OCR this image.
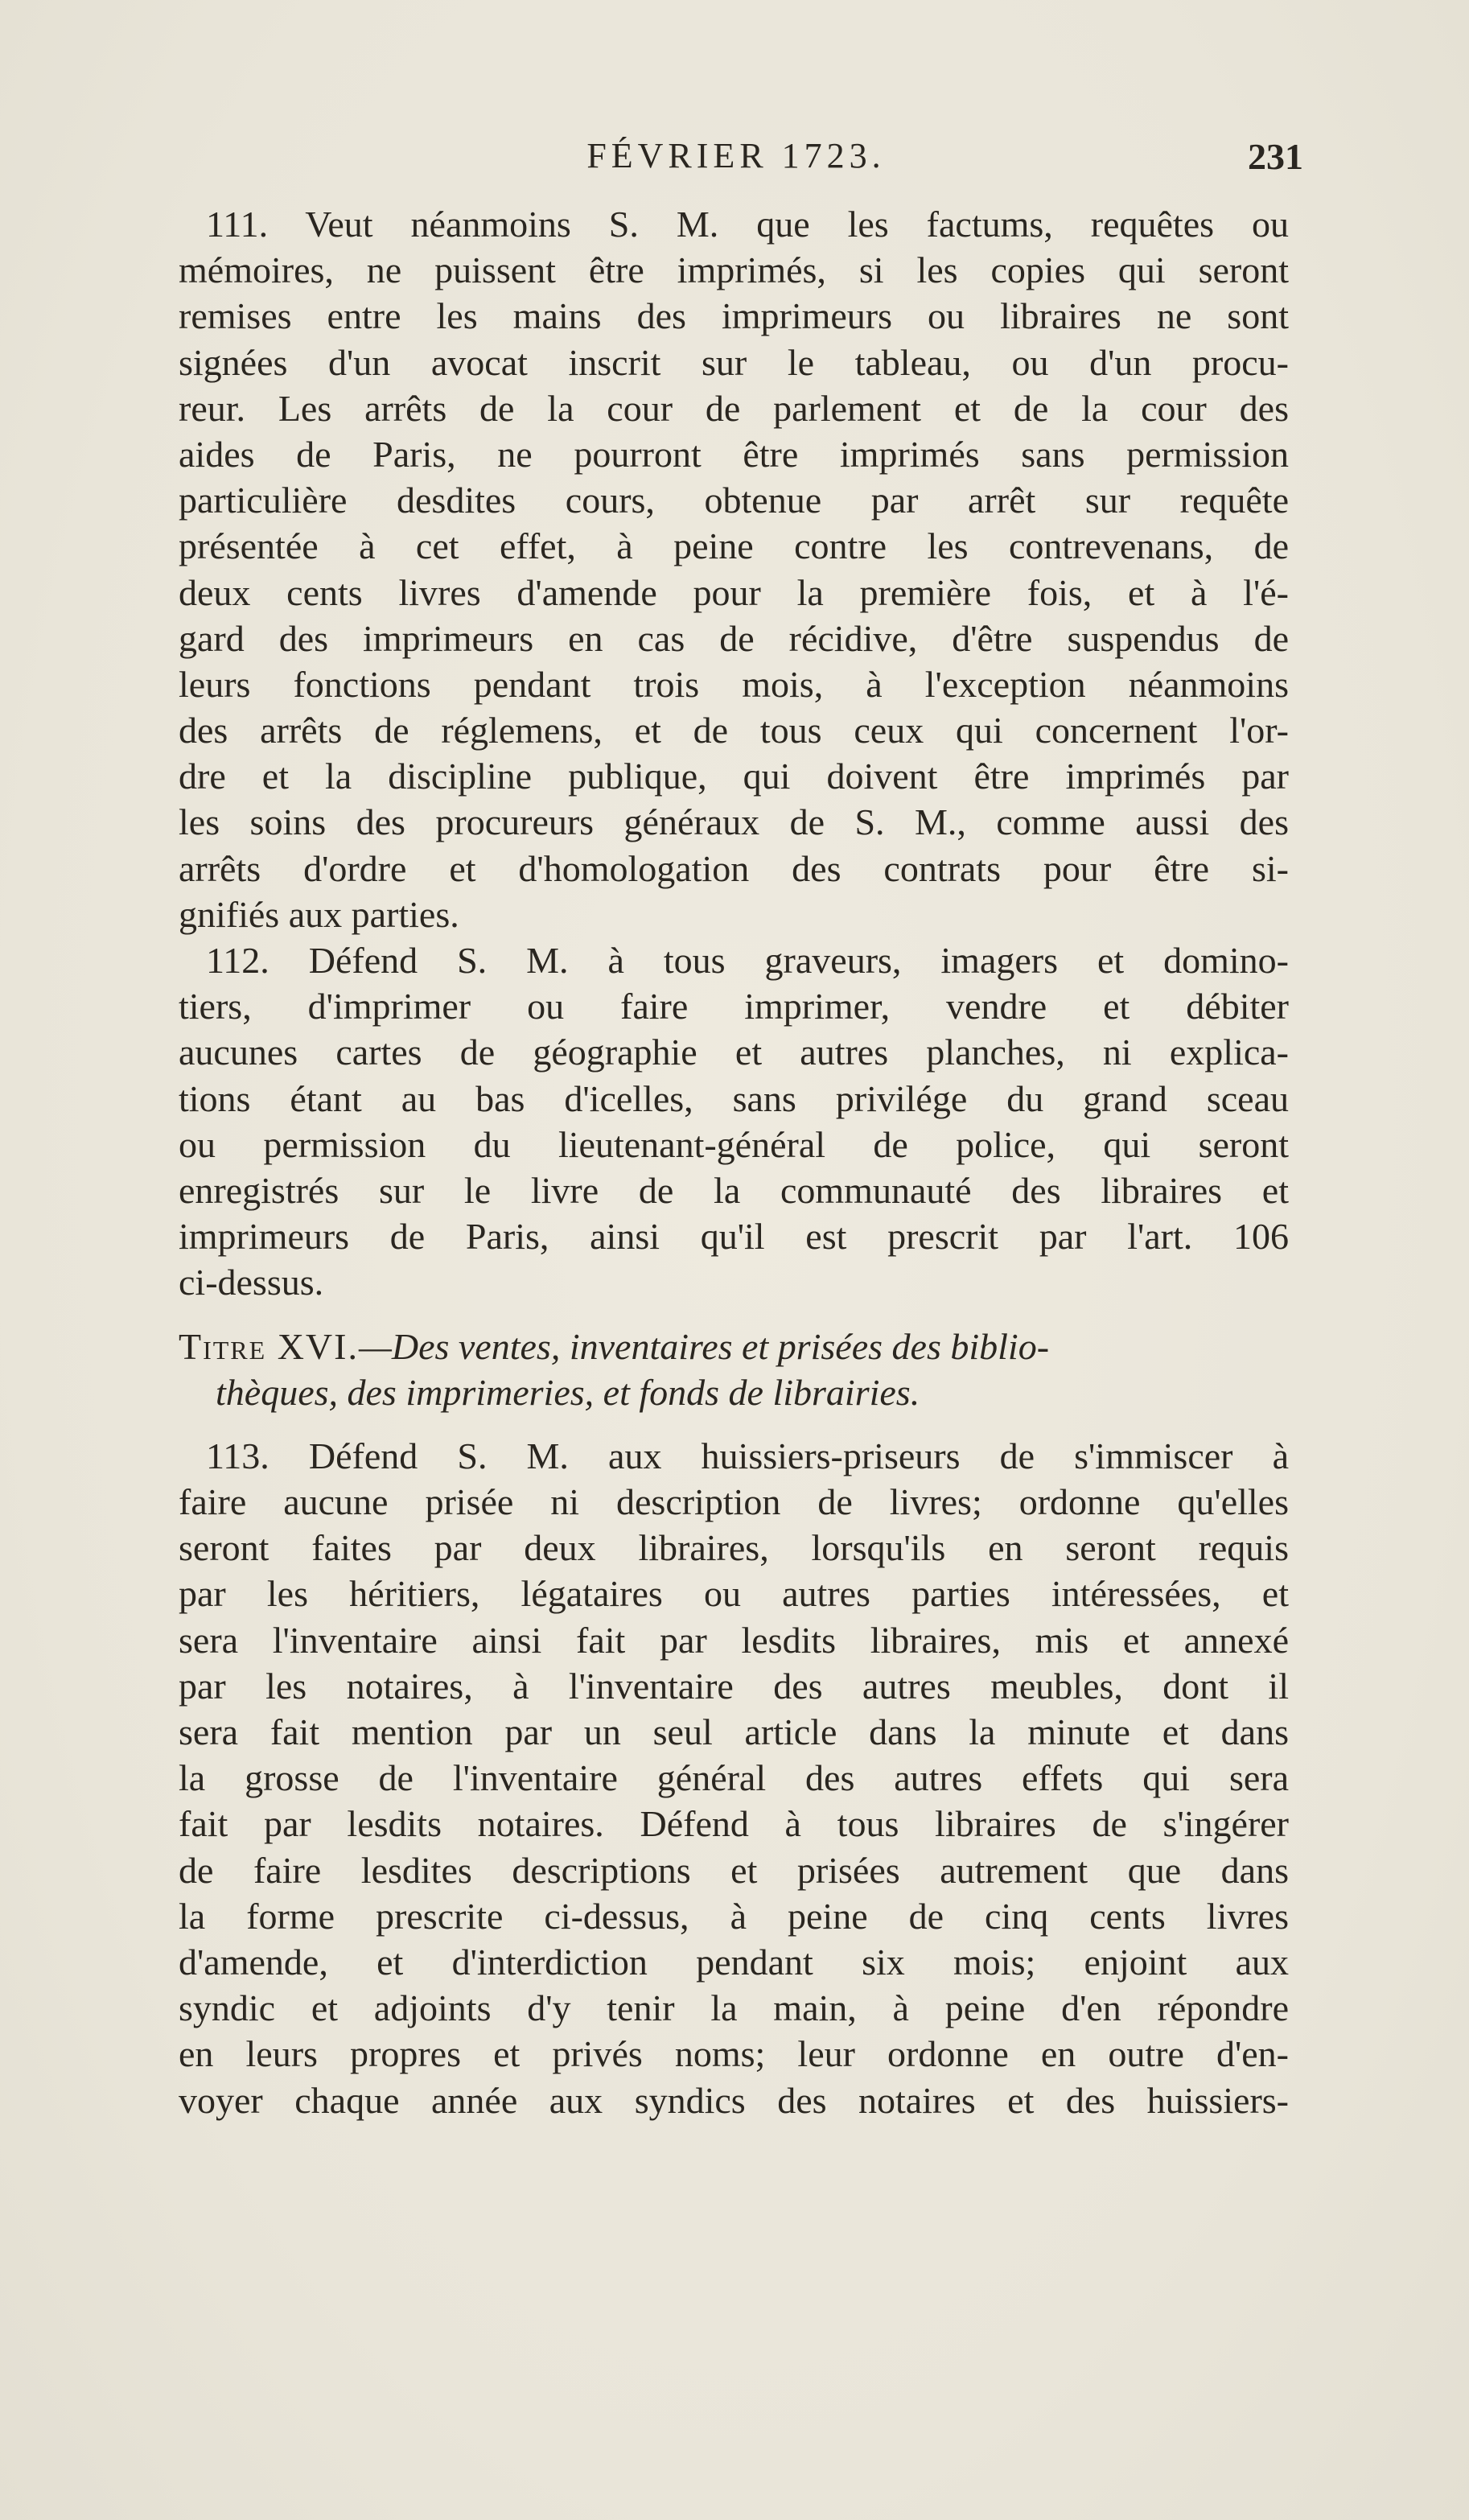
FÉVRIER 1723.	231
111. Veut néanmoins S. M. que les factums, requêtes ou
mémoires, ne puissent être imprimés, si les copies qui seront
remises entre les mains des imprimeurs ou libraires ne sont
signées d'un avocat inscrit sur le tableau, ou d'un procu-
reur. Les arrêts de la cour de parlement et de la cour des
aides de Paris, ne pourront être imprimés sans permission
particulière desdites cours, obtenue par arrêt sur requête
présentée à cet effet, à peine contre les contrevenans, de
deux cents livres d'amende pour la première fois, et à l'é-
gard des imprimeurs en cas de récidive, d'être suspendus de
leurs fonctions pendant trois mois, à l'exception néanmoins
des arrêts de réglemens, et de tous ceux qui concernent l'or-
dre et la discipline publique, qui doivent être imprimés par
les soins des procureurs généraux de S. M., comme aussi des
arrêts d'ordre et d'homologation des contrats pour être si-
gnifiés aux parties.
112. Défend S. M. à tous graveurs, imagers et domino-
tiers, d'imprimer ou faire imprimer, vendre et débiter
aucunes cartes de géographie et autres planches, ni explica-
tions étant au bas d'icelles, sans privilége du grand sceau
ou permission du lieutenant-général de police, qui seront
enregistrés sur le livre de la communauté des libraires et
imprimeurs de Paris, ainsi qu'il est prescrit par l'art. 106
ci-dessus.
Titre XVI.—Des ventes, inventaires et prisées des biblio-
thèques, des imprimeries, et fonds de librairies.
113. Défend S. M. aux huissiers-priseurs de s'immiscer à
faire aucune prisée ni description de livres; ordonne qu'elles
seront faites par deux libraires, lorsqu'ils en seront requis
par les héritiers, légataires ou autres parties intéressées, et
sera l'inventaire ainsi fait par lesdits libraires, mis et annexé
par les notaires, à l'inventaire des autres meubles, dont il
sera fait mention par un seul article dans la minute et dans
la grosse de l'inventaire général des autres effets qui sera
fait par lesdits notaires. Défend à tous libraires de s'ingérer
de faire lesdites descriptions et prisées autrement que dans
la forme prescrite ci-dessus, à peine de cinq cents livres
d'amende, et d'interdiction pendant six mois; enjoint aux
syndic et adjoints d'y tenir la main, à peine d'en répondre
en leurs propres et privés noms; leur ordonne en outre d'en-
voyer chaque année aux syndics des notaires et des huissiers-
